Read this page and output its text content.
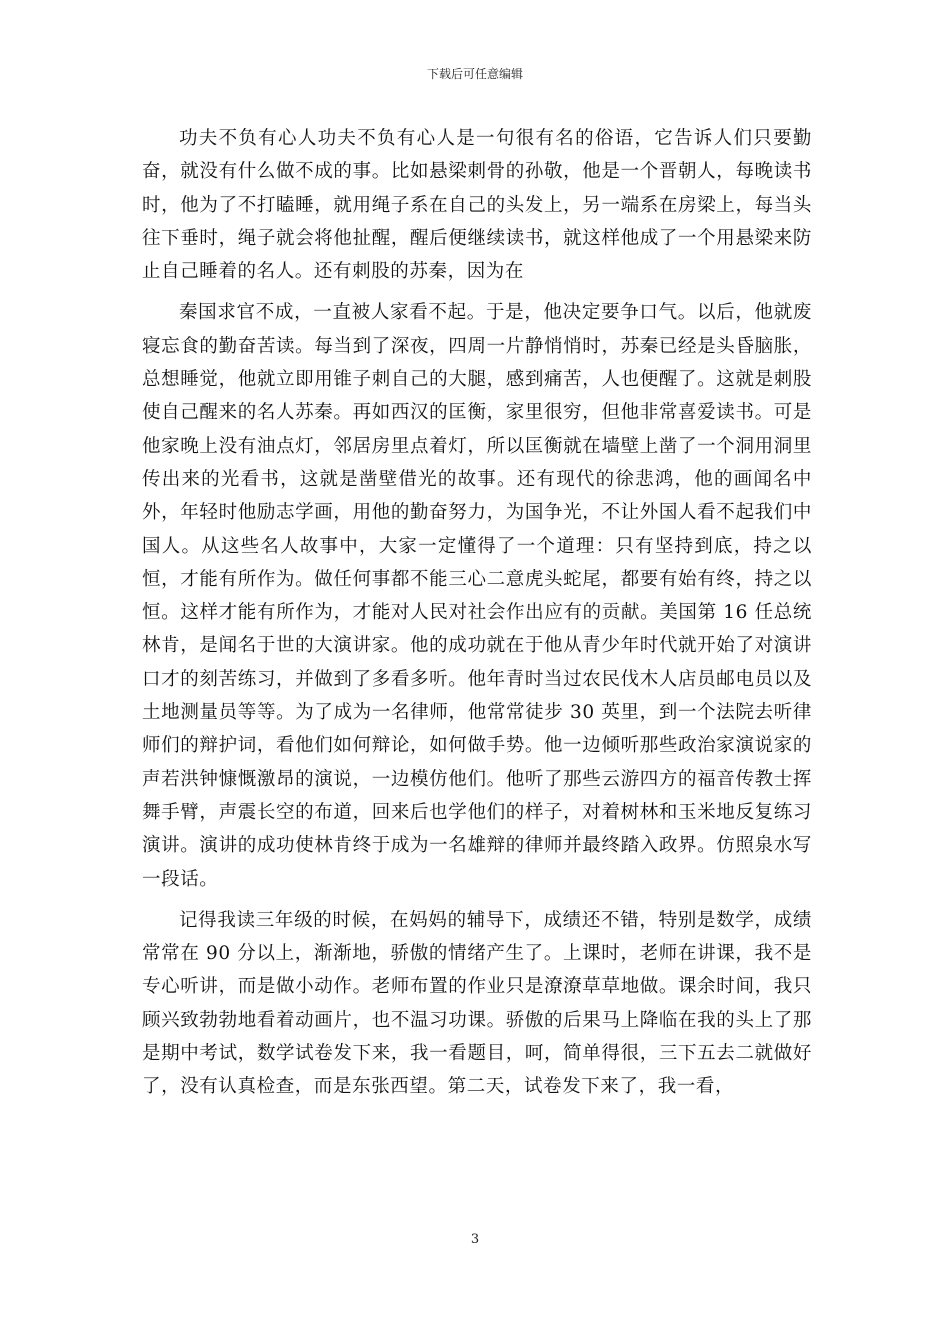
下载后可任意编辑

功夫不负有心人功夫不负有心人是一句很有名的俗语，它告诉人们只要勤奋，就没有什么做不成的事。比如悬梁刺骨的孙敬，他是一个晋朝人，每晚读书时，他为了不打瞌睡，就用绳子系在自己的头发上，另一端系在房梁上，每当头往下垂时，绳子就会将他扯醒，醒后便继续读书，就这样他成了一个用悬梁来防止自己睡着的名人。还有刺股的苏秦，因为在

秦国求官不成，一直被人家看不起。于是，他决定要争口气。以后，他就废寝忘食的勤奋苦读。每当到了深夜，四周一片静悄悄时，苏秦已经是头昏脑胀，总想睡觉，他就立即用锥子刺自己的大腿，感到痛苦，人也便醒了。这就是刺股使自己醒来的名人苏秦。再如西汉的匡衡，家里很穷，但他非常喜爱读书。可是他家晚上没有油点灯，邻居房里点着灯，所以匡衡就在墙壁上凿了一个洞用洞里传出来的光看书，这就是凿壁借光的故事。还有现代的徐悲鸿，他的画闻名中外，年轻时他励志学画，用他的勤奋努力，为国争光，不让外国人看不起我们中国人。从这些名人故事中，大家一定懂得了一个道理：只有坚持到底，持之以恒，才能有所作为。做任何事都不能三心二意虎头蛇尾，都要有始有终，持之以恒。这样才能有所作为，才能对人民对社会作出应有的贡献。美国第 16 任总统林肯，是闻名于世的大演讲家。他的成功就在于他从青少年时代就开始了对演讲口才的刻苦练习，并做到了多看多听。他年青时当过农民伐木人店员邮电员以及土地测量员等等。为了成为一名律师，他常常徒步 30 英里，到一个法院去听律师们的辩护词，看他们如何辩论，如何做手势。他一边倾听那些政治家演说家的声若洪钟慷慨激昂的演说，一边模仿他们。他听了那些云游四方的福音传教士挥舞手臂，声震长空的布道，回来后也学他们的样子，对着树林和玉米地反复练习演讲。演讲的成功使林肯终于成为一名雄辩的律师并最终踏入政界。仿照泉水写一段话。

记得我读三年级的时候，在妈妈的辅导下，成绩还不错，特别是数学，成绩常常在 90 分以上，渐渐地，骄傲的情绪产生了。上课时，老师在讲课，我不是专心听讲，而是做小动作。老师布置的作业只是潦潦草草地做。课余时间，我只顾兴致勃勃地看着动画片，也不温习功课。骄傲的后果马上降临在我的头上了那是期中考试，数学试卷发下来，我一看题目，呵，简单得很，三下五去二就做好了，没有认真检查，而是东张西望。第二天，试卷发下来了，我一看，

3
